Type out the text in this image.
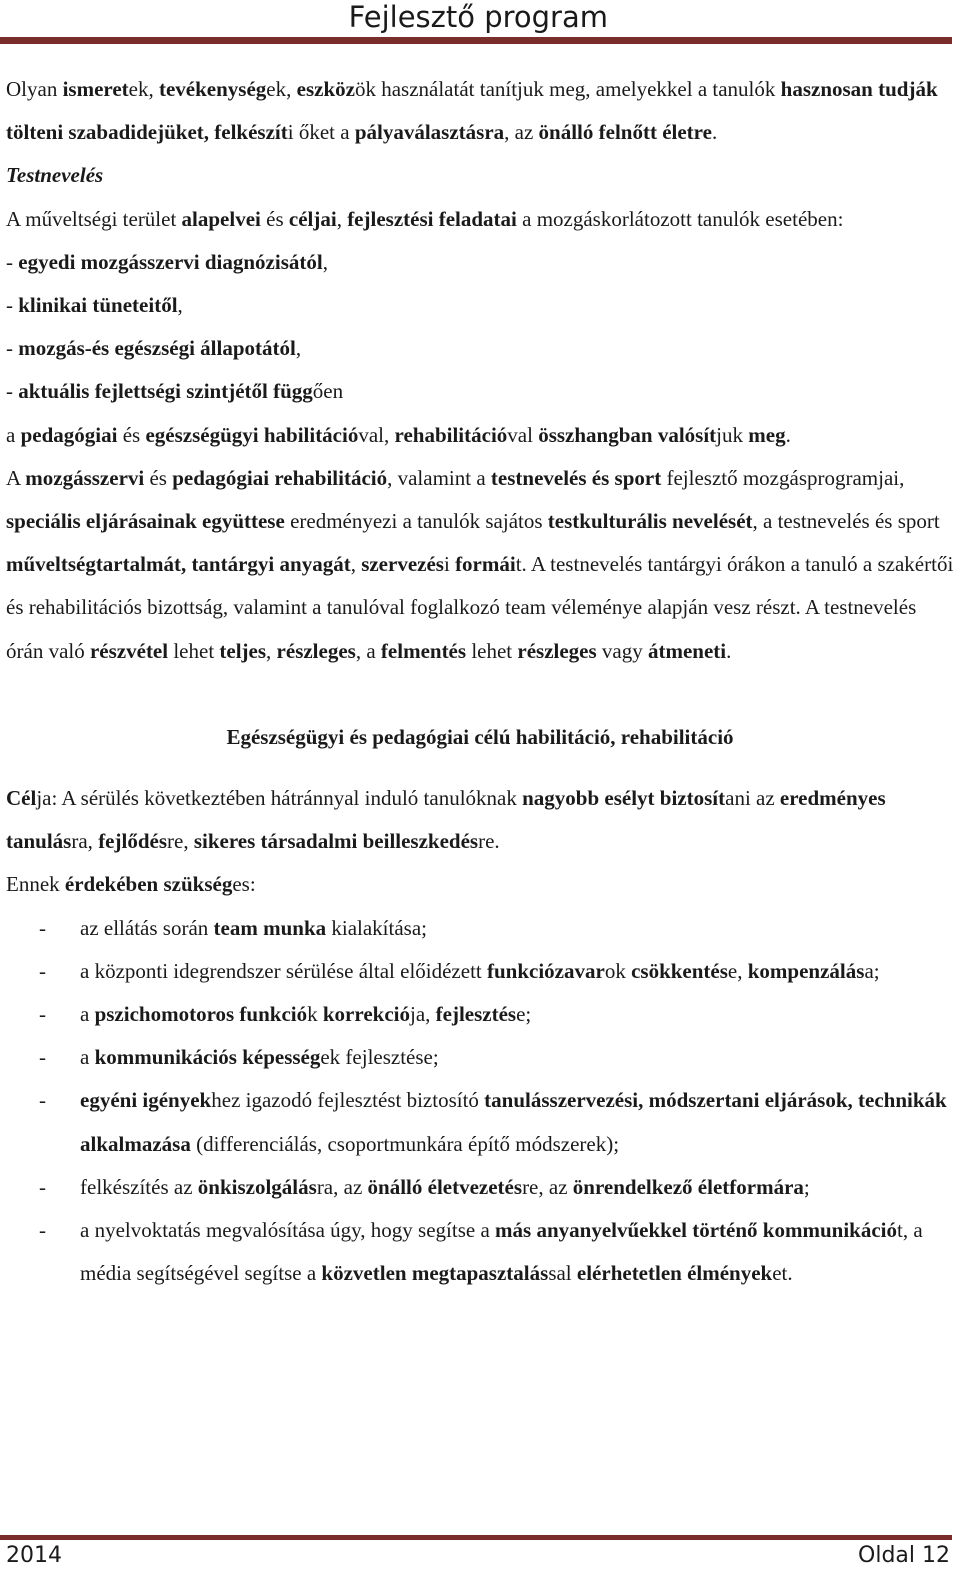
Fejlesztő program

Olyan ismeretek, tevékenységek, eszközök használatát tanítjuk meg, amelyekkel a tanulók hasznosan tudják tölteni szabadidejüket, felkészíti őket a pályaválasztásra, az önálló felnőtt életre.

Testnevelés

A műveltségi terület alapelvei és céljai, fejlesztési feladatai a mozgáskorlátozott tanulók esetében:

- egyedi mozgásszervi diagnózisától,

- klinikai tüneteitől,

- mozgás-és egészségi állapotától,

- aktuális fejlettségi szintjétől függően

a pedagógiai és egészségügyi habilitációval, rehabilitációval összhangban valósítjuk meg.

A mozgásszervi és pedagógiai rehabilitáció, valamint a testnevelés és sport fejlesztő mozgásprogramjai, speciális eljárásainak együttese eredményezi a tanulók sajátos testkulturális nevelését, a testnevelés és sport műveltségtartalmát, tantárgyi anyagát, szervezési formáit. A testnevelés tantárgyi órákon a tanuló a szakértői és rehabilitációs bizottság, valamint a tanulóval foglalkozó team véleménye alapján vesz részt. A testnevelés órán való részvétel lehet teljes, részleges, a felmentés lehet részleges vagy átmeneti.

Egészségügyi és pedagógiai célú habilitáció, rehabilitáció

Célja: A sérülés következtében hátránnyal induló tanulóknak nagyobb esélyt biztosítani az eredményes tanulásra, fejlődésre, sikeres társadalmi beilleszkedésre.

Ennek érdekében szükséges:

- az ellátás során team munka kialakítása;
- a központi idegrendszer sérülése által előidézett funkciózavarok csökkentése, kompenzálása;
- a pszichomotoros funkciók korrekciója, fejlesztése;
- a kommunikációs képességek fejlesztése;
- egyéni igényekhez igazodó fejlesztést biztosító tanulásszervezési, módszertani eljárások, technikák alkalmazása (differenciálás, csoportmunkára építő módszerek);
- felkészítés az önkiszolgálásra, az önálló életvezetésre, az önrendelkező életformára;
- a nyelvoktatás megvalósítása úgy, hogy segítse a más anyanyelvűekkel történő kommunikációt, a média segítségével segítse a közvetlen megtapasztalással elérhetetlen élményeket.
2014	Oldal 12
